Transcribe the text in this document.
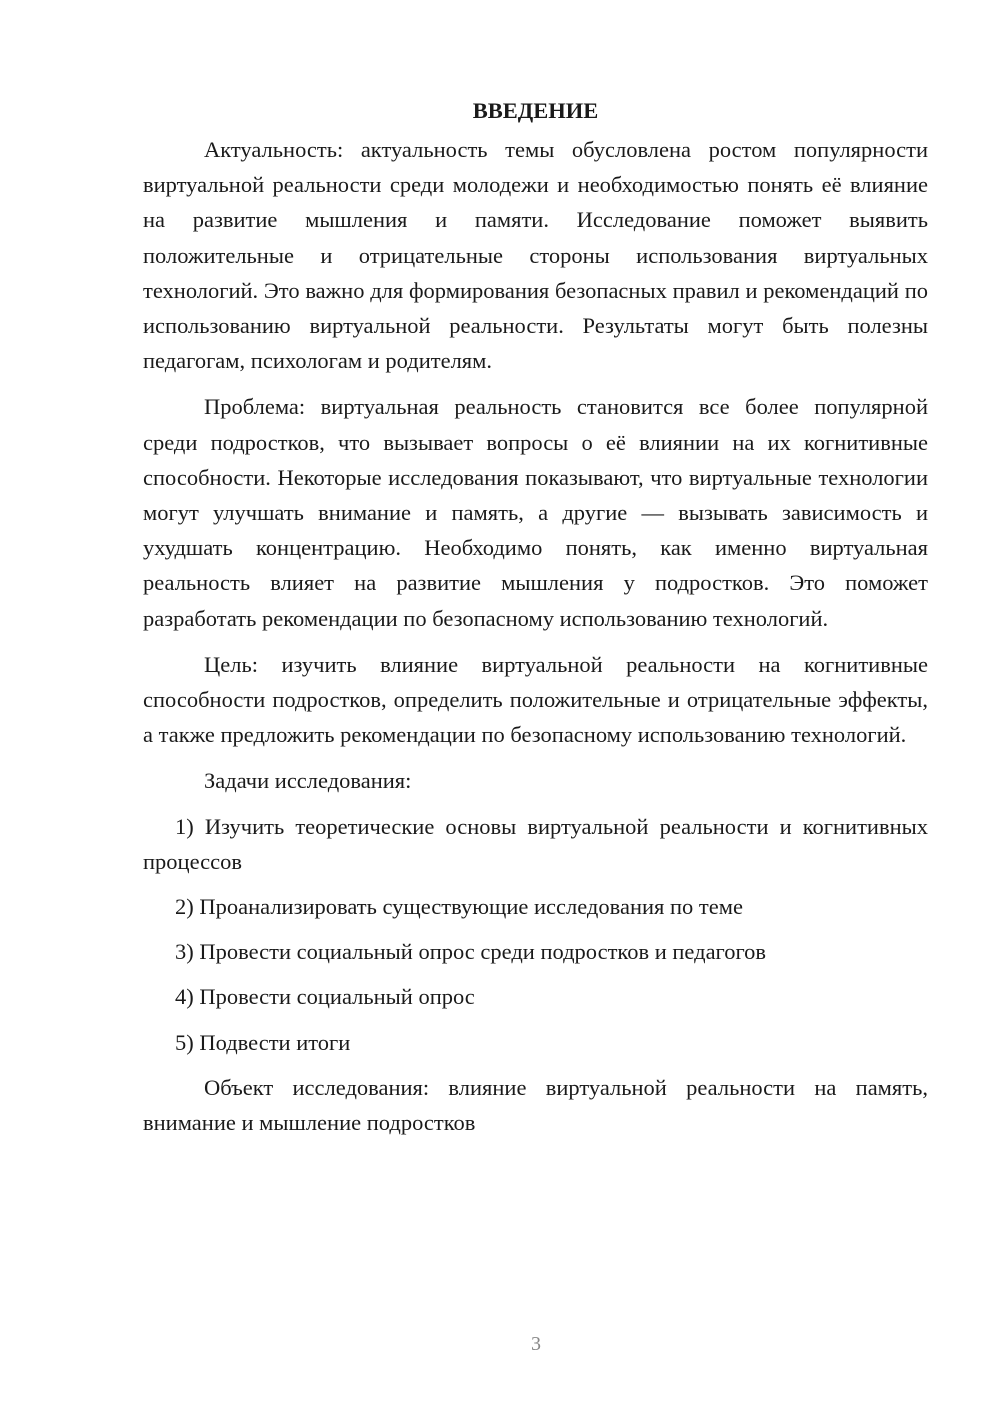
ВВЕДЕНИЕ

Актуальность: актуальность темы обусловлена ростом популярности виртуальной реальности среди молодежи и необходимостью понять её влияние на развитие мышления и памяти. Исследование поможет выявить положительные и отрицательные стороны использования виртуальных технологий. Это важно для формирования безопасных правил и рекомендаций по использованию виртуальной реальности. Результаты могут быть полезны педагогам, психологам и родителям.

Проблема: виртуальная реальность становится все более популярной среди подростков, что вызывает вопросы о её влиянии на их когнитивные способности. Некоторые исследования показывают, что виртуальные технологии могут улучшать внимание и память, а другие — вызывать зависимость и ухудшать концентрацию. Необходимо понять, как именно виртуальная реальность влияет на развитие мышления у подростков. Это поможет разработать рекомендации по безопасному использованию технологий.

Цель: изучить влияние виртуальной реальности на когнитивные способности подростков, определить положительные и отрицательные эффекты, а также предложить рекомендации по безопасному использованию технологий.

Задачи исследования:

1) Изучить теоретические основы виртуальной реальности и когнитивных процессов

2) Проанализировать существующие исследования по теме

3) Провести социальный опрос среди подростков и педагогов

4) Провести социальный опрос

5) Подвести итоги

Объект исследования: влияние виртуальной реальности на память, внимание и мышление подростков

3
